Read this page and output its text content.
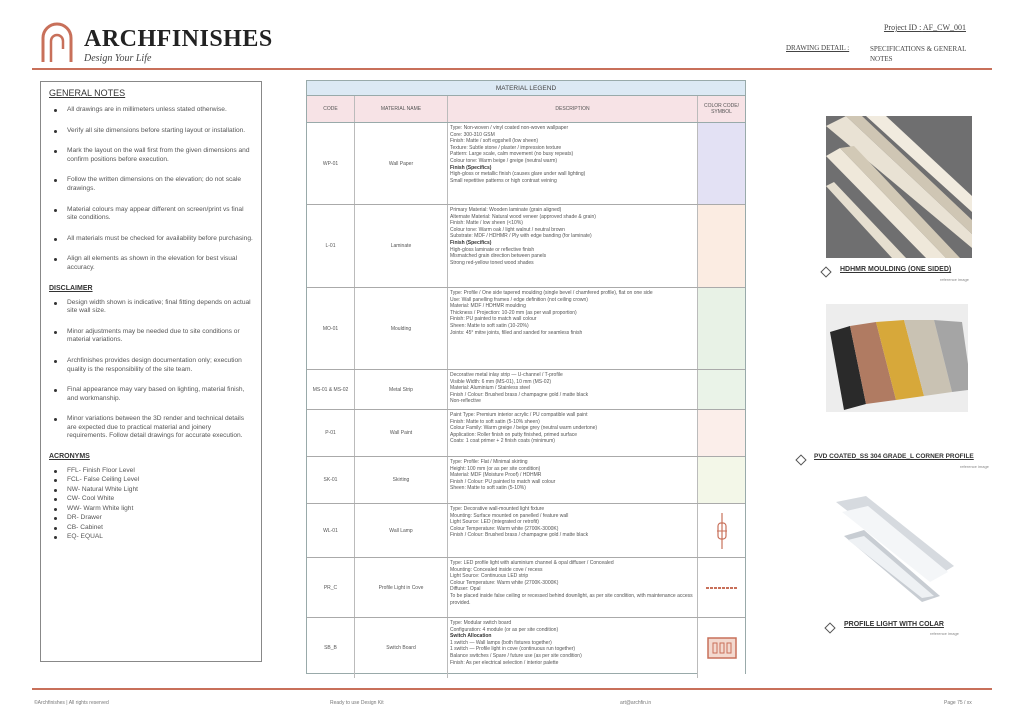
ARCHFINISHES
Design Your Life
Project ID : AF_CW_001
DRAWING DETAIL :	SPECIFICATIONS & GENERAL NOTES
GENERAL NOTES
All drawings are in millimeters unless stated otherwise.
Verify all site dimensions before starting layout or installation.
Mark the layout on the wall first from the given dimensions and confirm positions before execution.
Follow the written dimensions on the elevation; do not scale drawings.
Material colours may appear different on screen/print vs final site conditions.
All materials must be checked for availability before purchasing.
Align all elements as shown in the elevation for best visual accuracy.
DISCLAIMER
Design width shown is indicative; final fitting depends on actual site wall size.
Minor adjustments may be needed due to site conditions or material variations.
Archfinishes provides design documentation only; execution quality is the responsibility of the site team.
Final appearance may vary based on lighting, material finish, and workmanship.
Minor variations between the 3D render and technical details are expected due to practical material and joinery requirements. Follow detail drawings for accurate execution.
ACRONYMS
FFL- Finish Floor Level
FCL- False Ceiling Level
NW- Natural White Light
CW- Cool White
WW- Warm White light
DR- Drawer
CB- Cabinet
EQ- EQUAL
MATERIAL LEGEND
CODE	MATERIAL NAME	DESCRIPTION	COLOR CODE/ SYMBOL
WP-01	Wall Paper
Type: Non-woven / vinyl coated non-woven wallpaper
Core: 300-310 GSM
Finish: Matte / soft eggshell (low sheen)
Texture: Subtle stone / plaster / impression texture
Pattern: Large scale, calm movement (no busy repeats)
Colour tone: Warm beige / greige (neutral warm)
Finish (Specifics)
High-gloss or metallic finish (causes glare under wall lighting)
Small repetitive patterns or high contrast veining
L-01	Laminate
Primary Material: Wooden laminate (grain aligned)
Alternate Material: Natural wood veneer (approved shade & grain)
Finish: Matte / low sheen (<10%)
Colour tone: Warm oak / light walnut / neutral brown
Substrate: MDF / HDHMR / Ply with edge banding (for laminate)
Finish (Specifics)
High-gloss laminate or reflective finish
Mismatched grain direction between panels
Strong red-yellow toned wood shades
MO-01	Moulding
Type: Profile / One side tapered moulding (single bevel / chamfered profile), flat on one side
Use: Wall panelling frames / edge definition (not ceiling crown)
Material: MDF / HDHMR moulding
Thickness / Projection: 10-20 mm (as per wall proportion)
Finish: PU painted to match wall colour
Sheen: Matte to soft satin (10-20%)
Joints: 45° mitre joints, filled and sanded for seamless finish
MS-01 & MS-02	Metal Strip
Decorative metal inlay strip — U-channel / T-profile
Visible Width: 6 mm (MS-01), 10 mm (MS-02)
Material: Aluminium / Stainless steel
Finish / Colour: Brushed brass / champagne gold / matte black
Non-reflective
P-01	Wall Paint
Paint Type: Premium interior acrylic / PU compatible wall paint
Finish: Matte to soft satin (5-10% sheen)
Colour Family: Warm greige / beige grey (neutral warm undertone)
Application: Roller finish on putty finished, primed surface
Coats: 1 coat primer + 2 finish coats (minimum)
SK-01	Skirting
Type: Profile: Flat / Minimal skirting
Height: 100 mm (or as per site condition)
Material: MDF (Moisture Proof) / HDHMR
Finish / Colour: PU painted to match wall colour
Sheen: Matte to soft satin (5-10%)
WL-01	Wall Lamp
Type: Decorative wall-mounted light fixture
Mounting: Surface mounted on panelled / feature wall
Light Source: LED (integrated or retrofit)
Colour Temperature: Warm white (2700K-3000K)
Finish / Colour: Brushed brass / champagne gold / matte black
PR_C	Profile Light in Cove
Type: LED profile light with aluminium channel & opal diffuser / Concealed
Mounting: Concealed inside cove / recess
Light Source: Continuous LED strip
Colour Temperature: Warm white (2700K-3000K)
Diffuser: Opal
To be placed inside false ceiling or recessed behind downlight, as per site condition, with maintenance access provided.
SB_B	Switch Board
Type: Modular switch board
Configuration: 4 module (or as per site condition)
Switch Allocation
1 switch — Wall lamps (both fixtures together)
1 switch — Profile light in cove (continuous run together)
Balance switches / Spare / future use (as per site condition)
Finish: As per electrical selection / interior palette
HDHMR MOULDING (ONE SIDED)
reference image
PVD COATED_SS 304 GRADE_L CORNER PROFILE
reference image
PROFILE LIGHT WITH COLAR
reference image
©Archfinishes | All rights reserved	Ready to use Design Kit	art@archfin.in	Page 75 / xx
